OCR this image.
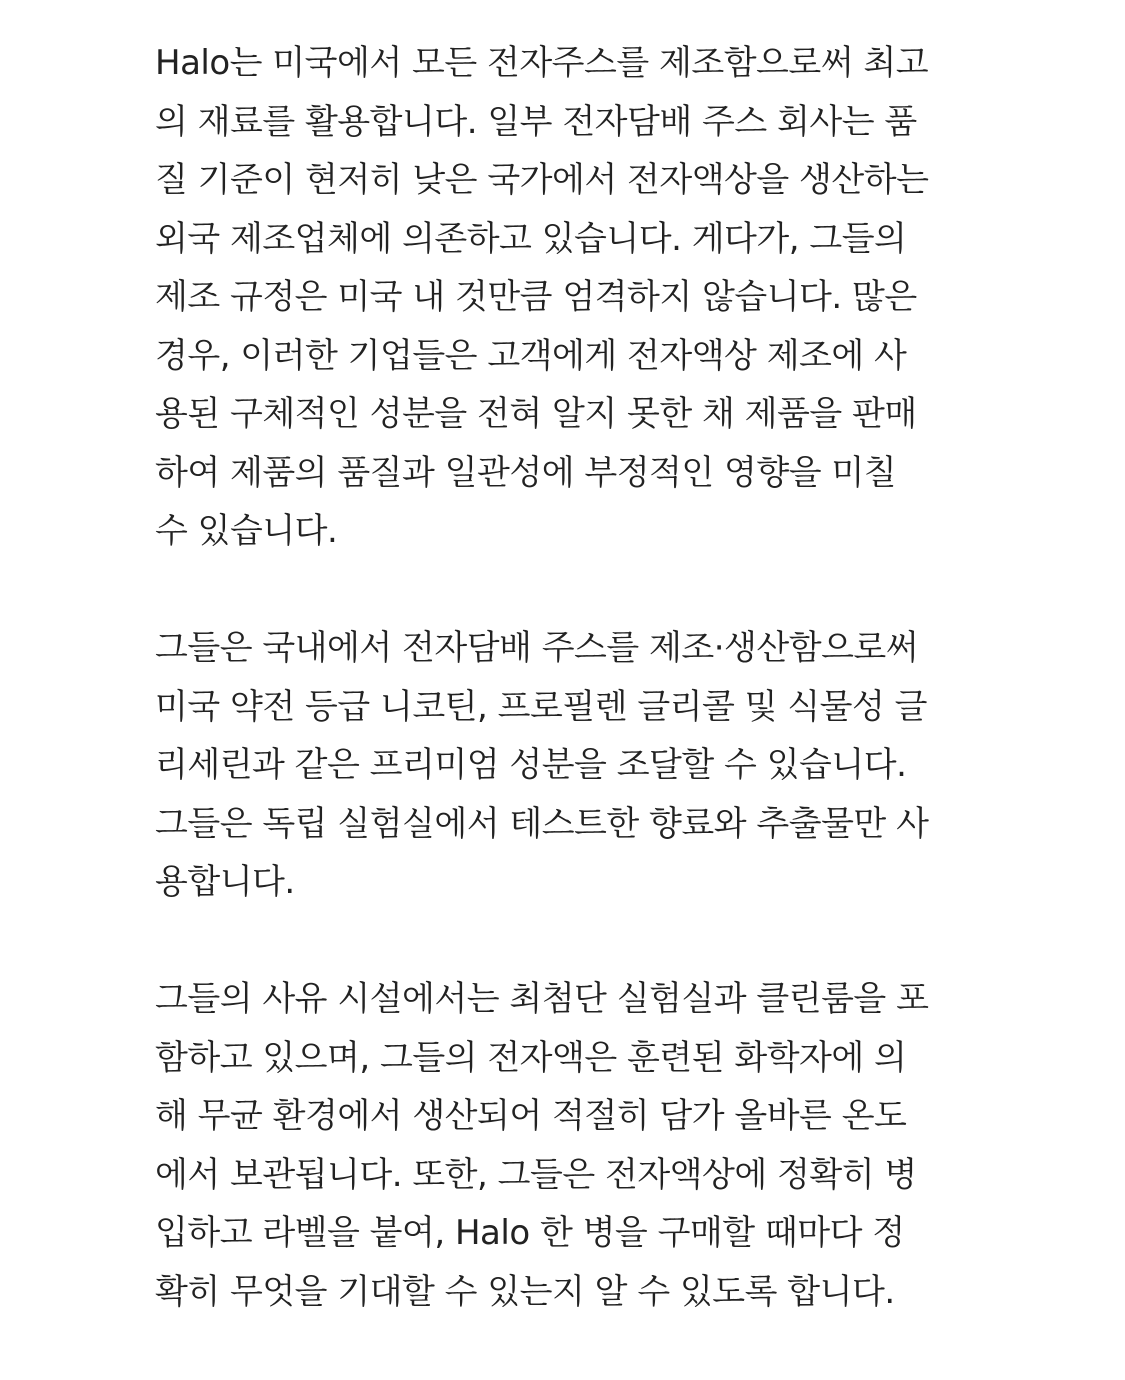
Halo는 미국에서 모든 전자주스를 제조함으로써 최고
의 재료를 활용합니다. 일부 전자담배 주스 회사는 품
질 기준이 현저히 낮은 국가에서 전자액상을 생산하는
외국 제조업체에 의존하고 있습니다. 게다가, 그들의
제조 규정은 미국 내 것만큼 엄격하지 않습니다. 많은
경우, 이러한 기업들은 고객에게 전자액상 제조에 사
용된 구체적인 성분을 전혀 알지 못한 채 제품을 판매
하여 제품의 품질과 일관성에 부정적인 영향을 미칠
수 있습니다.

그들은 국내에서 전자담배 주스를 제조·생산함으로써
미국 약전 등급 니코틴, 프로필렌 글리콜 및 식물성 글
리세린과 같은 프리미엄 성분을 조달할 수 있습니다.
그들은 독립 실험실에서 테스트한 향료와 추출물만 사
용합니다.

그들의 사유 시설에서는 최첨단 실험실과 클린룸을 포
함하고 있으며, 그들의 전자액은 훈련된 화학자에 의
해 무균 환경에서 생산되어 적절히 담가 올바른 온도
에서 보관됩니다. 또한, 그들은 전자액상에 정확히 병
입하고 라벨을 붙여, Halo 한 병을 구매할 때마다 정
확히 무엇을 기대할 수 있는지 알 수 있도록 합니다.
